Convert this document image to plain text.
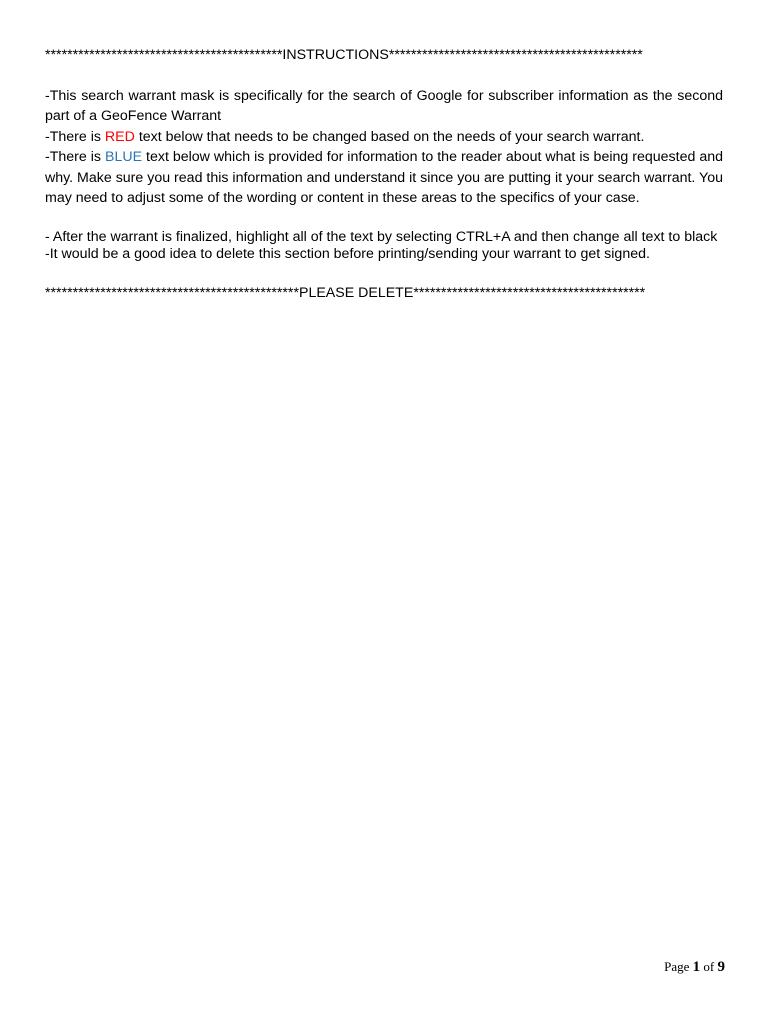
*******************************************INSTRUCTIONS**********************************************

-This search warrant mask is specifically for the search of Google for subscriber information as the second part of a GeoFence Warrant

-There is RED text below that needs to be changed based on the needs of your search warrant.

-There is BLUE text below which is provided for information to the reader about what is being requested and why. Make sure you read this information and understand it since you are putting it your search warrant. You may need to adjust some of the wording or content in these areas to the specifics of your case.

- After the warrant is finalized, highlight all of the text by selecting CTRL+A and then change all text to black

-It would be a good idea to delete this section before printing/sending your warrant to get signed.

**********************************************PLEASE DELETE******************************************
Page 1 of 9
